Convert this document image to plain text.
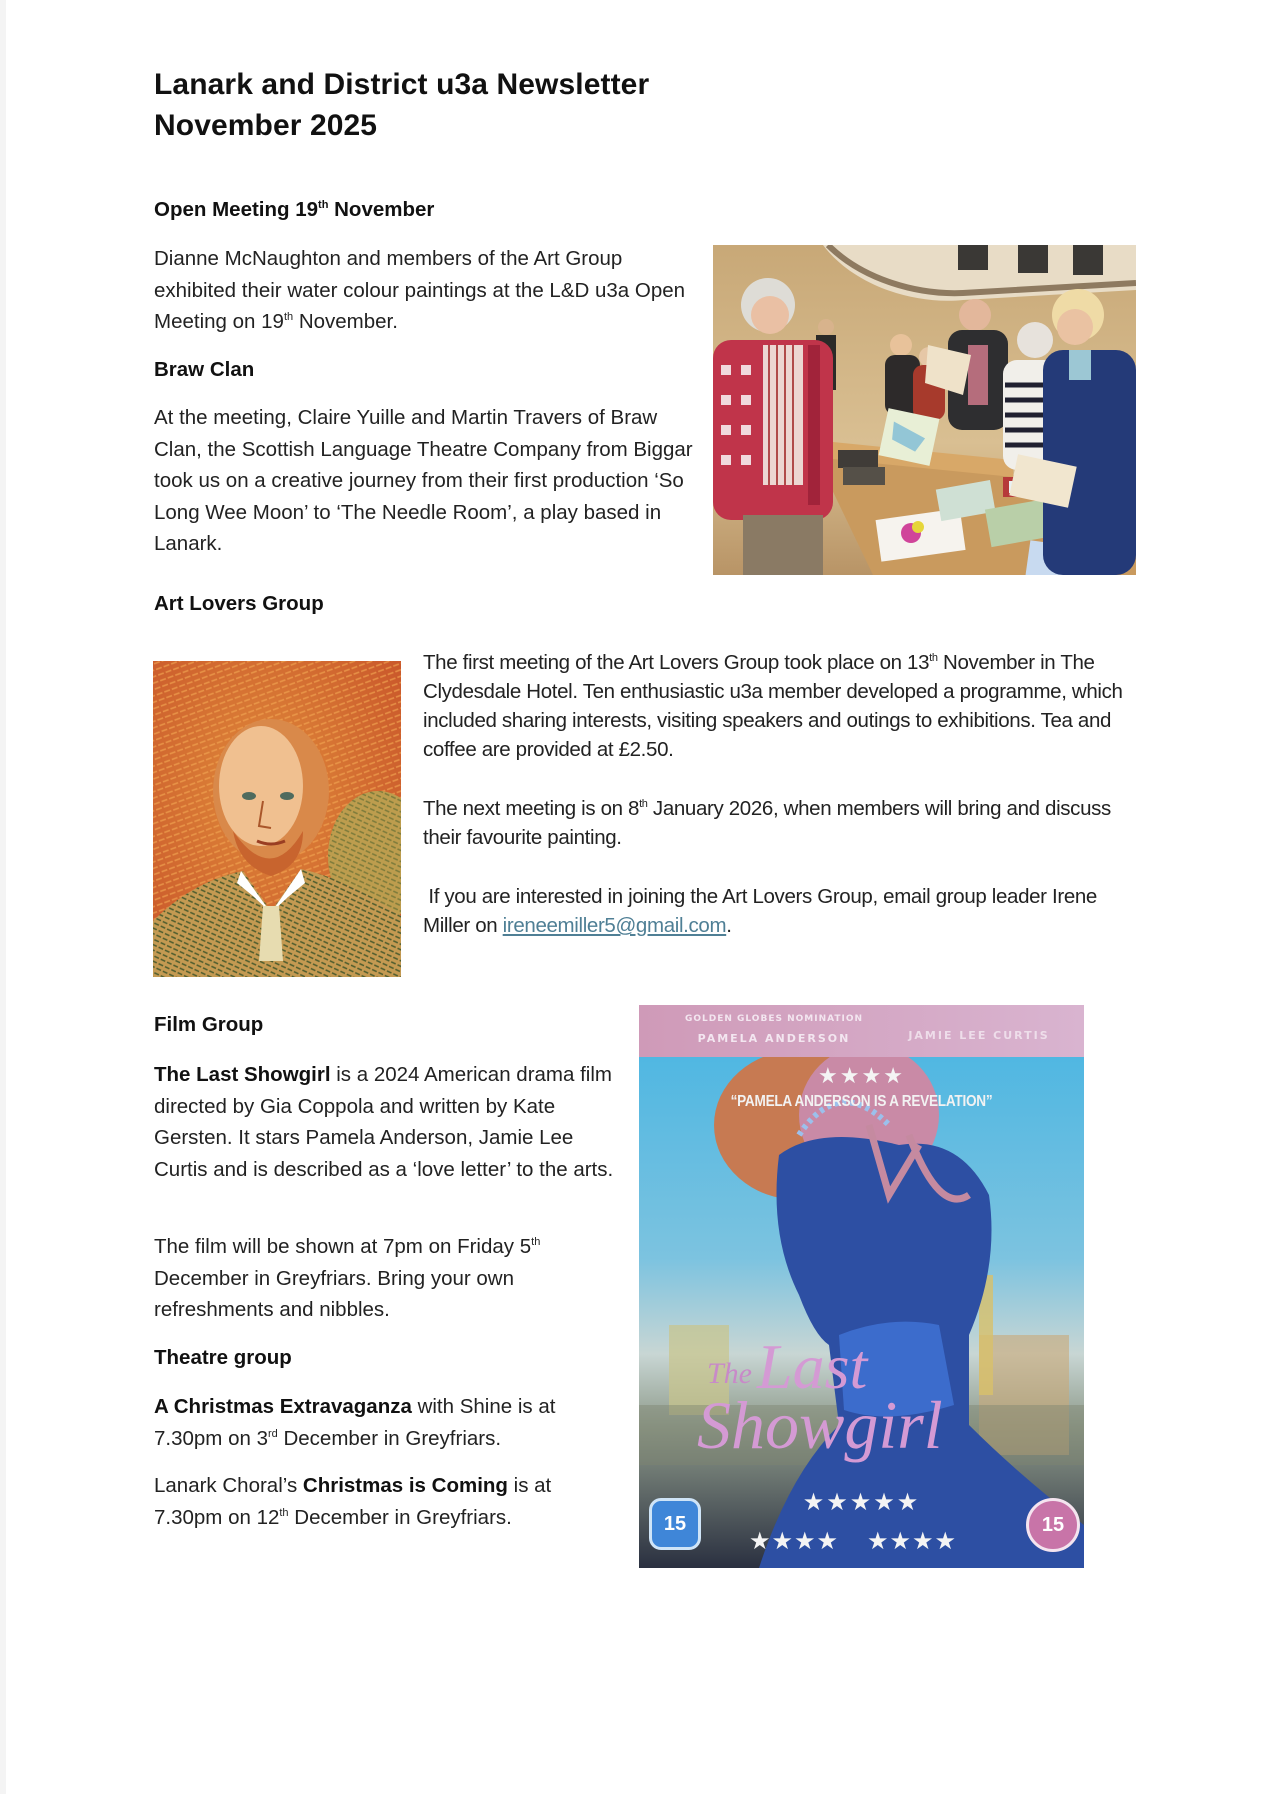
Lanark and District u3a Newsletter
November 2025
Open Meeting 19th November
Dianne McNaughton and members of the Art Group exhibited their water colour paintings at the L&D u3a Open Meeting on 19th November.
Braw Clan
At the meeting, Claire Yuille and Martin Travers of Braw Clan, the Scottish Language Theatre Company from Biggar took us on a creative journey from their first production ‘So Long Wee Moon’ to ‘The Needle Room’, a play based in Lanark.
Art Lovers Group
The first meeting of the Art Lovers Group took place on 13th November in The Clydesdale Hotel. Ten enthusiastic u3a member developed a programme, which included sharing interests, visiting speakers and outings to exhibitions. Tea and coffee are provided at £2.50.
The next meeting is on 8th January 2026, when members will bring and discuss their favourite painting.
If you are interested in joining the Art Lovers Group, email group leader Irene Miller on ireneemiller5@gmail.com.
Film Group
The Last Showgirl is a 2024 American drama film directed by Gia Coppola and written by Kate Gersten. It stars Pamela Anderson, Jamie Lee Curtis and is described as a ‘love letter’ to the arts.
The film will be shown at 7pm on Friday 5th December in Greyfriars. Bring your own refreshments and nibbles.
Theatre group
A Christmas Extravaganza with Shine is at 7.30pm on 3rd December in Greyfriars.
Lanark Choral’s Christmas is Coming is at 7.30pm on 12th December in Greyfriars.
GOLDEN GLOBES NOMINATION
PAMELA ANDERSON	JAMIE LEE CURTIS
★★★★
“PAMELA ANDERSON IS A REVELATION”
The Last
Showgirl
★★★★★
★★★★ ★★★★
15	15
